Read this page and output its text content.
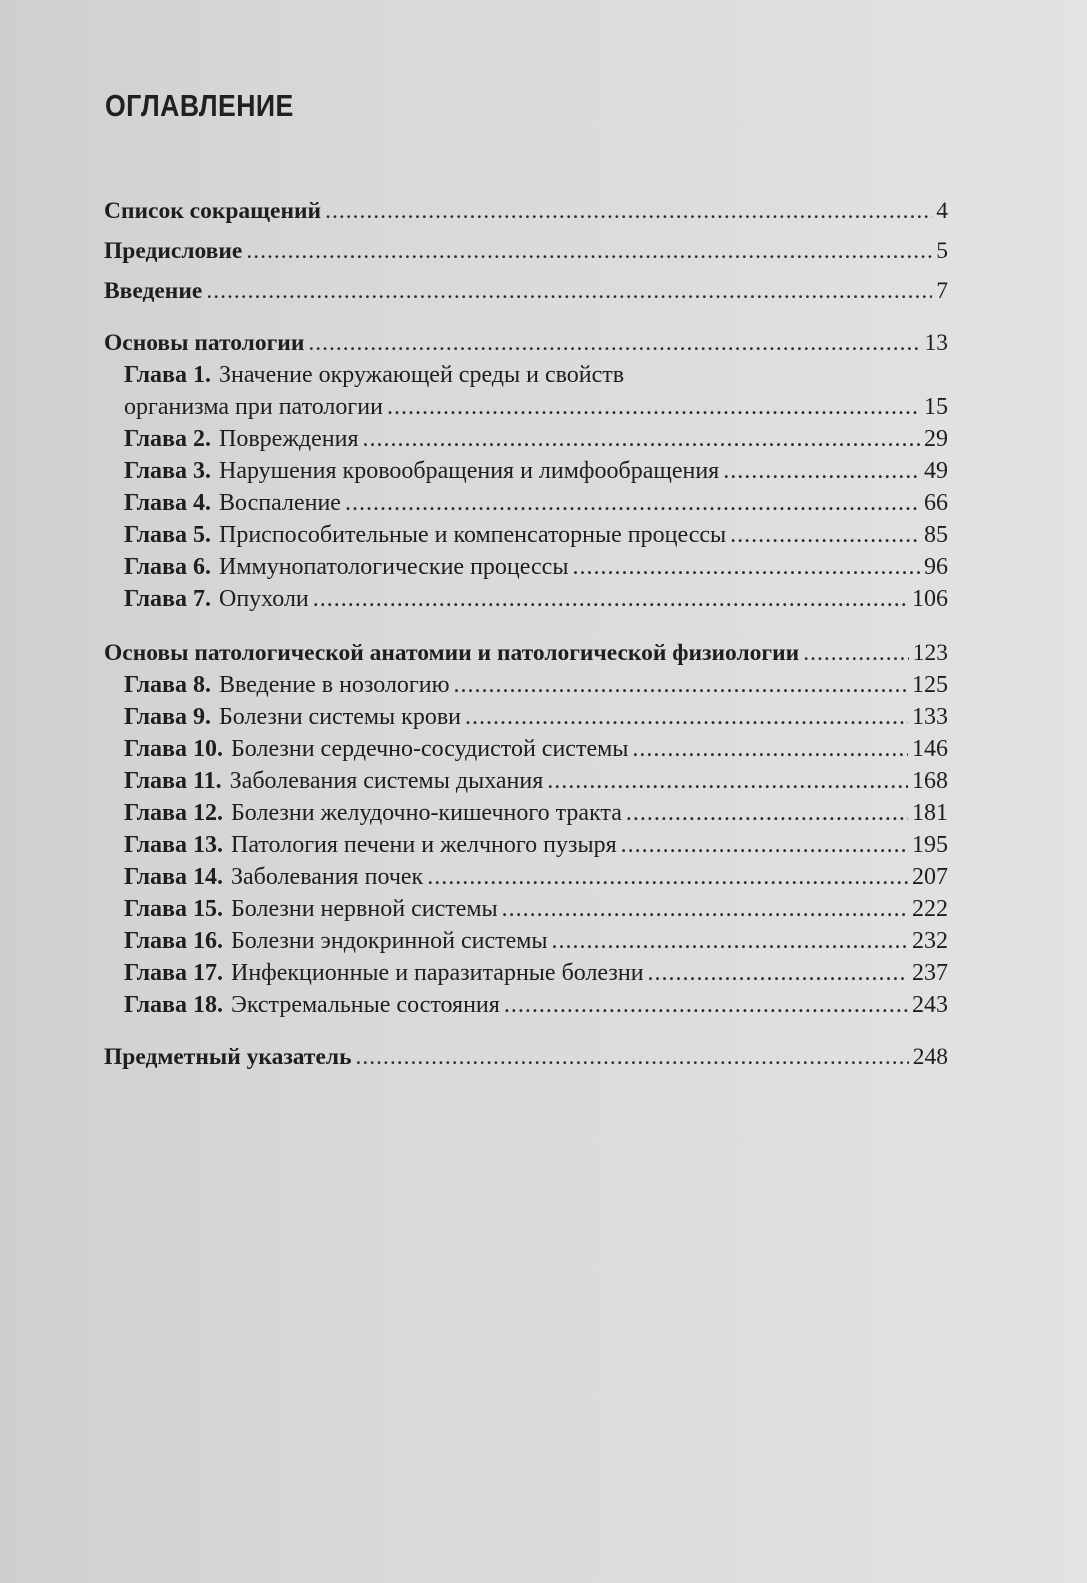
ОГЛАВЛЕНИЕ
Список сокращений .....	4
Предисловие .....	5
Введение .....	7
Основы патологии .....	13
Глава 1. Значение окружающей среды и свойств
организма при патологии .....	15
Глава 2. Повреждения .....	29
Глава 3. Нарушения кровообращения и лимфообращения .....	49
Глава 4. Воспаление .....	66
Глава 5. Приспособительные и компенсаторные процессы .....	85
Глава 6. Иммунопатологические процессы .....	96
Глава 7. Опухоли .....	106
Основы патологической анатомии и патологической физиологии .....	123
Глава 8. Введение в нозологию .....	125
Глава 9. Болезни системы крови .....	133
Глава 10. Болезни сердечно-сосудистой системы .....	146
Глава 11. Заболевания системы дыхания .....	168
Глава 12. Болезни желудочно-кишечного тракта .....	181
Глава 13. Патология печени и желчного пузыря .....	195
Глава 14. Заболевания почек .....	207
Глава 15. Болезни нервной системы .....	222
Глава 16. Болезни эндокринной системы .....	232
Глава 17. Инфекционные и паразитарные болезни .....	237
Глава 18. Экстремальные состояния .....	243
Предметный указатель .....	248
